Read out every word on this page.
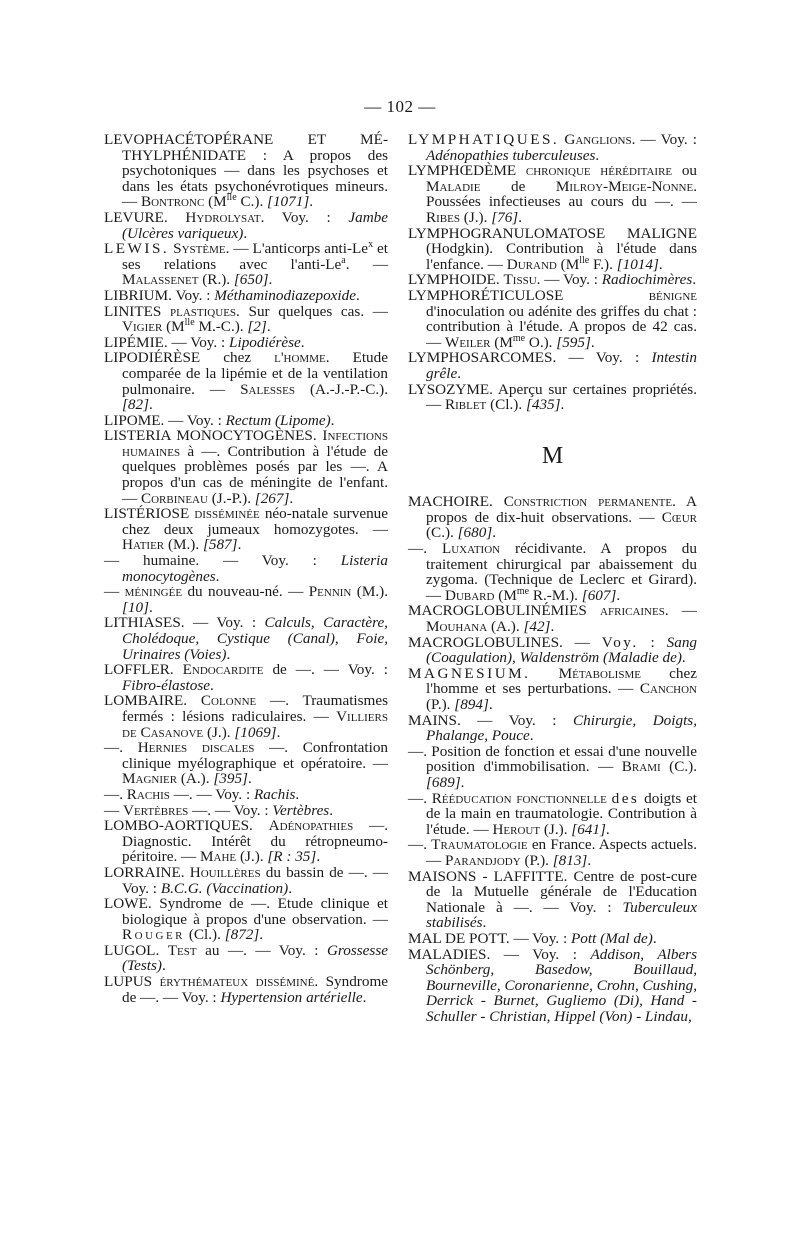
— 102 —

LEVOPHACÉTOPÉRANE ET MÉ-THYLPHÉNIDATE : A propos des psychotoniques — dans les psychoses et dans les états psychonévrotiques mineurs. — Bontronc ($M^{lle}$ C.). [1071].

LEVURE. Hydrolysat. Voy. : Jambe (Ulcères variqueux).

LEWIS. Système. — L'anticorps anti-Le$^x$ et ses relations avec l'anti-Le$^a$. — Malassenet (R.). [650].

LIBRIUM. Voy. : Méthaminodiazepoxide.

LINITES plastiques. Sur quelques cas. — Vigier ($M^{lle}$ M.-C.). [2].

LIPÉMIE. — Voy. : Lipodiérèse.

LIPODIÉRÈSE chez l'homme. Etude comparée de la lipémie et de la ventilation pulmonaire. — Salesses (A.-J.-P.-C.). [82].

LIPOME. — Voy. : Rectum (Lipome).

LISTERIA MONOCYTOGÈNES. Infections humaines à —. Contribution à l'étude de quelques problèmes posés par les —. A propos d'un cas de méningite de l'enfant. — Corbineau (J.-P.). [267].

LISTÉRIOSE disséminée néo-natale survenue chez deux jumeaux homozygotes. — Hatier (M.). [587].

— humaine. — Voy. : Listeria monocytogènes.

— méningée du nouveau-né. — Pennin (M.). [10].

LITHIASES. — Voy. : Calculs, Caractère, Cholédoque, Cystique (Canal), Foie, Urinaires (Voies).

LOFFLER. Endocardite de —. — Voy. : Fibro-élastose.

LOMBAIRE. Colonne —. Traumatismes fermés : lésions radiculaires. — Villiers de Casanove (J.). [1069].

—. Hernies discales —. Confrontation clinique myélographique et opératoire. — Magnier (A.). [395].

—. Rachis —. — Voy. : Rachis.

— Vertèbres —. — Voy. : Vertèbres.

LOMBO-AORTIQUES. Adénopathies —. Diagnostic. Intérêt du rétropneumo-péritoire. — Mahe (J.). [R : 35].

LORRAINE. Houillères du bassin de —. — Voy. : B.C.G. (Vaccination).

LOWE. Syndrome de —. Etude clinique et biologique à propos d'une observation. — Rouger (Cl.). [872].

LUGOL. Test au —. — Voy. : Grossesse (Tests).

LUPUS érythémateux disséminé. Syndrome de —. — Voy. : Hypertension artérielle.

LYMPHATIQUES. Ganglions. — Voy. : Adénopathies tuberculeuses.

LYMPHŒDÈME chronique héréditaire ou Maladie de Milroy-Meige-Nonne. Poussées infectieuses au cours du —. — Ribes (J.). [76].

LYMPHOGRANULOMATOSE MALIGNE (Hodgkin). Contribution à l'étude dans l'enfance. — Durand ($M^{lle}$ F.). [1014].

LYMPHOIDE. Tissu. — Voy. : Radiochimères.

LYMPHORÉTICULOSE bénigne d'inoculation ou adénite des griffes du chat : contribution à l'étude. A propos de 42 cas. — Weiler ($M^{me}$ O.). [595].

LYMPHOSARCOMES. — Voy. : Intestin grêle.

LYSOZYME. Aperçu sur certaines propriétés. — Riblet (Cl.). [435].

M

MACHOIRE. Constriction permanente. A propos de dix-huit observations. — Cœur (C.). [680].

—. Luxation récidivante. A propos du traitement chirurgical par abaissement du zygoma. (Technique de Leclerc et Girard). — Dubard ($M^{me}$ R.-M.). [607].

MACROGLOBULINÉMIES africaines. — Mouhana (A.). [42].

MACROGLOBULINES. — Voy. : Sang (Coagulation), Waldenström (Maladie de).

MAGNESIUM. Métabolisme chez l'homme et ses perturbations. — Canchon (P.). [894].

MAINS. — Voy. : Chirurgie, Doigts, Phalange, Pouce.

—. Position de fonction et essai d'une nouvelle position d'immobilisation. — Brami (C.). [689].

—. Rééducation fonctionnelle des doigts et de la main en traumatologie. Contribution à l'étude. — Herout (J.). [641].

—. Traumatologie en France. Aspects actuels. — Parandjody (P.). [813].

MAISONS - LAFFITTE. Centre de post-cure de la Mutuelle générale de l'Education Nationale à —. — Voy. : Tuberculeux stabilisés.

MAL DE POTT. — Voy. : Pott (Mal de).

MALADIES. — Voy. : Addison, Albers Schönberg, Basedow, Bouillaud, Bourneville, Coronarienne, Crohn, Cushing, Derrick - Burnet, Gugliemo (Di), Hand - Schuller - Christian, Hippel (Von) - Lindau,
